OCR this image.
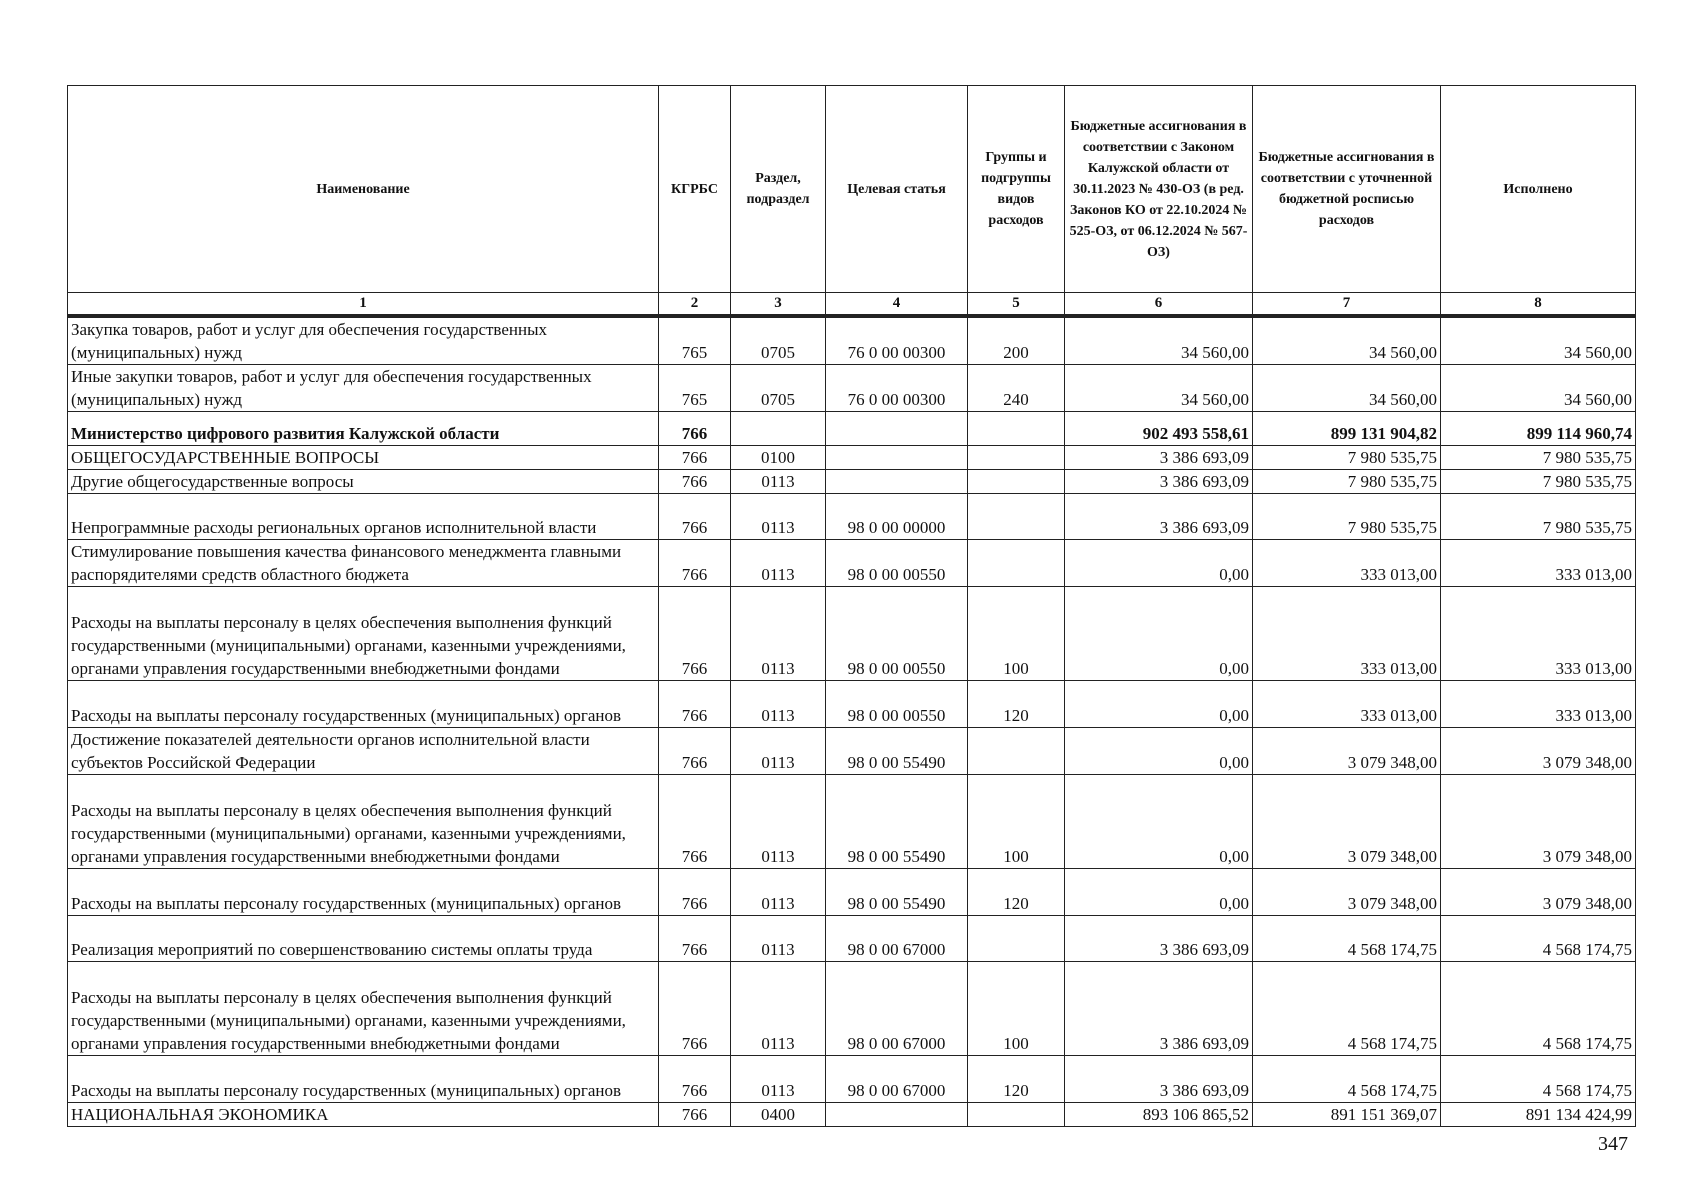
Наименование	КГРБС	Раздел, подраздел	Целевая статья	Группы и подгруппы видов расходов	Бюджетные ассигнования в соответствии с Законом Калужской области от 30.11.2023 № 430-ОЗ (в ред. Законов КО от 22.10.2024 № 525-ОЗ, от 06.12.2024 № 567-ОЗ)	Бюджетные ассигнования в соответствии с уточненной бюджетной росписью расходов	Исполнено
1	2	3	4	5	6	7	8
Закупка товаров, работ и услуг для обеспечения государственных (муниципальных) нужд	765	0705	76 0 00 00300	200	34 560,00	34 560,00	34 560,00
Иные закупки товаров, работ и услуг для обеспечения государственных (муниципальных) нужд	765	0705	76 0 00 00300	240	34 560,00	34 560,00	34 560,00
Министерство цифрового развития Калужской области	766				902 493 558,61	899 131 904,82	899 114 960,74
ОБЩЕГОСУДАРСТВЕННЫЕ ВОПРОСЫ	766	0100			3 386 693,09	7 980 535,75	7 980 535,75
Другие общегосударственные вопросы	766	0113			3 386 693,09	7 980 535,75	7 980 535,75
Непрограммные расходы региональных органов исполнительной власти	766	0113	98 0 00 00000		3 386 693,09	7 980 535,75	7 980 535,75
Стимулирование повышения качества финансового менеджмента главными распорядителями средств областного бюджета	766	0113	98 0 00 00550		0,00	333 013,00	333 013,00
Расходы на выплаты персоналу в целях обеспечения выполнения функций государственными (муниципальными) органами, казенными учреждениями, органами управления государственными внебюджетными фондами	766	0113	98 0 00 00550	100	0,00	333 013,00	333 013,00
Расходы на выплаты персоналу государственных (муниципальных) органов	766	0113	98 0 00 00550	120	0,00	333 013,00	333 013,00
Достижение показателей деятельности органов исполнительной власти субъектов Российской Федерации	766	0113	98 0 00 55490		0,00	3 079 348,00	3 079 348,00
Расходы на выплаты персоналу в целях обеспечения выполнения функций государственными (муниципальными) органами, казенными учреждениями, органами управления государственными внебюджетными фондами	766	0113	98 0 00 55490	100	0,00	3 079 348,00	3 079 348,00
Расходы на выплаты персоналу государственных (муниципальных) органов	766	0113	98 0 00 55490	120	0,00	3 079 348,00	3 079 348,00
Реализация мероприятий по совершенствованию системы оплаты труда	766	0113	98 0 00 67000		3 386 693,09	4 568 174,75	4 568 174,75
Расходы на выплаты персоналу в целях обеспечения выполнения функций государственными (муниципальными) органами, казенными учреждениями, органами управления государственными внебюджетными фондами	766	0113	98 0 00 67000	100	3 386 693,09	4 568 174,75	4 568 174,75
Расходы на выплаты персоналу государственных (муниципальных) органов	766	0113	98 0 00 67000	120	3 386 693,09	4 568 174,75	4 568 174,75
НАЦИОНАЛЬНАЯ ЭКОНОМИКА	766	0400			893 106 865,52	891 151 369,07	891 134 424,99
347
